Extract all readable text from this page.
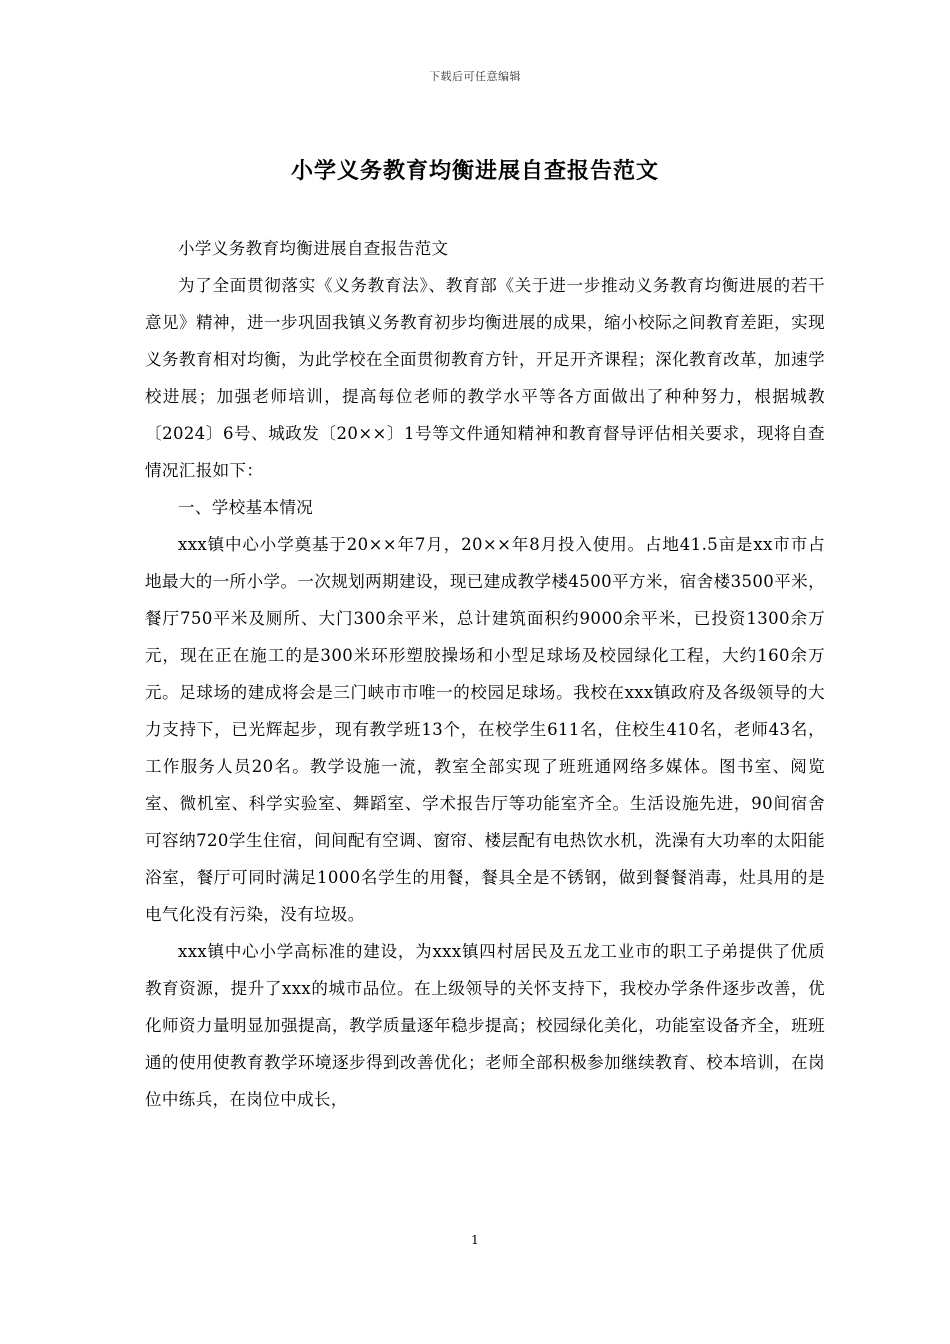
下载后可任意编辑
小学义务教育均衡进展自查报告范文

小学义务教育均衡进展自查报告范文

为了全面贯彻落实《义务教育法》、教育部《关于进一步推动义务教育均衡进展的若干意见》精神，进一步巩固我镇义务教育初步均衡进展的成果，缩小校际之间教育差距，实现义务教育相对均衡，为此学校在全面贯彻教育方针，开足开齐课程；深化教育改革，加速学校进展；加强老师培训，提高每位老师的教学水平等各方面做出了种种努力，根据城教〔2024〕6号、城政发〔20××〕1号等文件通知精神和教育督导评估相关要求，现将自查情况汇报如下：

一、学校基本情况

xxx镇中心小学奠基于20××年7月，20××年8月投入使用。占地41.5亩是xx市市占地最大的一所小学。一次规划两期建设，现已建成教学楼4500平方米，宿舍楼3500平米，餐厅750平米及厕所、大门300余平米，总计建筑面积约9000余平米，已投资1300余万元，现在正在施工的是300米环形塑胶操场和小型足球场及校园绿化工程，大约160余万元。足球场的建成将会是三门峡市市唯一的校园足球场。我校在xxx镇政府及各级领导的大力支持下，已光辉起步，现有教学班13个，在校学生611名，住校生410名，老师43名，工作服务人员20名。教学设施一流，教室全部实现了班班通网络多媒体。图书室、阅览室、微机室、科学实验室、舞蹈室、学术报告厅等功能室齐全。生活设施先进，90间宿舍可容纳720学生住宿，间间配有空调、窗帘、楼层配有电热饮水机，洗澡有大功率的太阳能浴室，餐厅可同时满足1000名学生的用餐，餐具全是不锈钢，做到餐餐消毒，灶具用的是电气化没有污染，没有垃圾。

xxx镇中心小学高标准的建设，为xxx镇四村居民及五龙工业市的职工子弟提供了优质教育资源，提升了xxx的城市品位。在上级领导的关怀支持下，我校办学条件逐步改善，优化师资力量明显加强提高，教学质量逐年稳步提高；校园绿化美化，功能室设备齐全，班班通的使用使教育教学环境逐步得到改善优化；老师全部积极参加继续教育、校本培训，在岗位中练兵，在岗位中成长，

1
